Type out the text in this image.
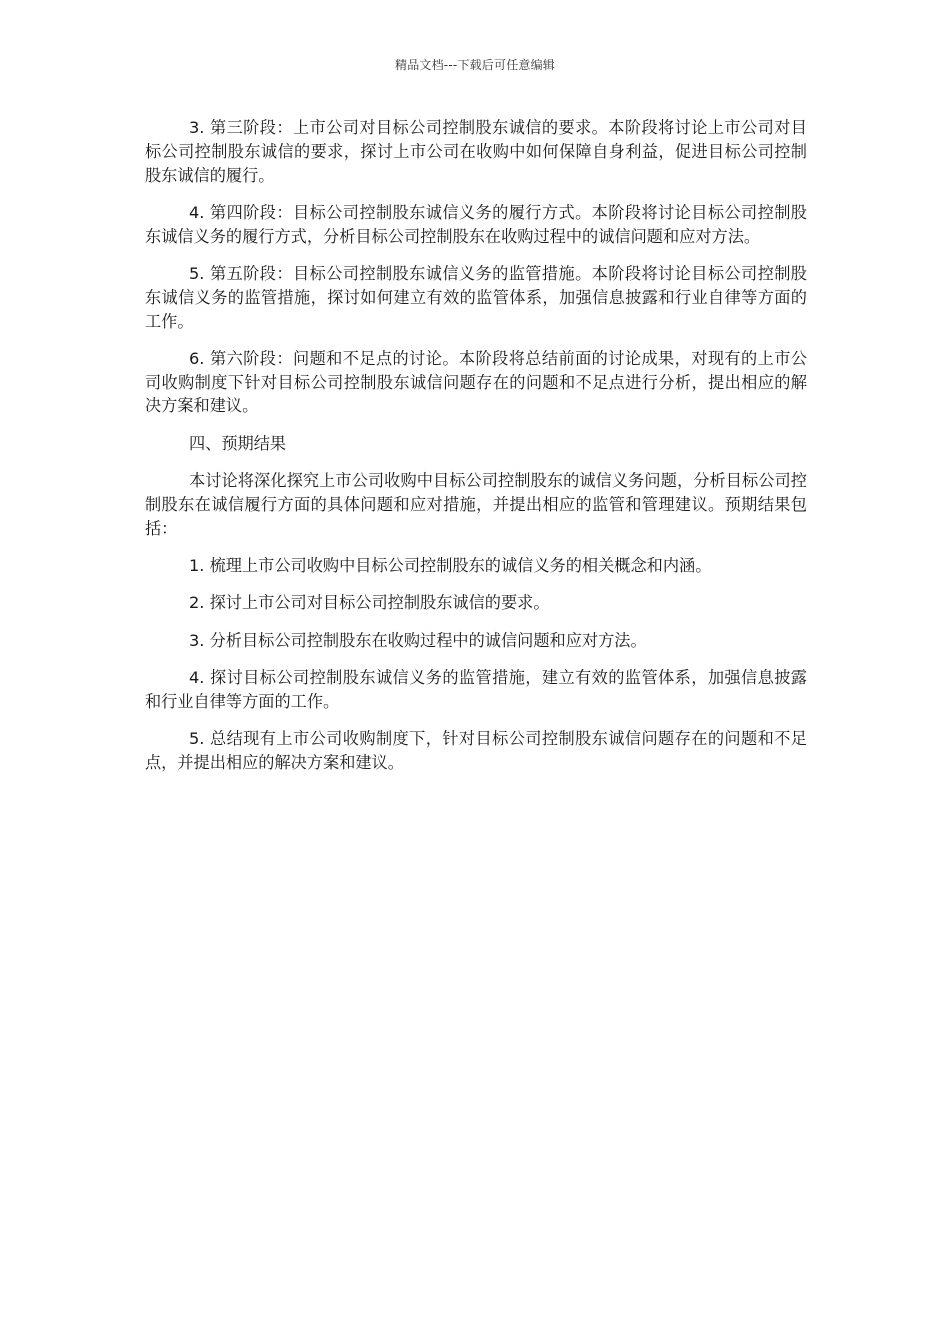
精品文档---下载后可任意编辑

3. 第三阶段：上市公司对目标公司控制股东诚信的要求。本阶段将讨论上市公司对目标公司控制股东诚信的要求，探讨上市公司在收购中如何保障自身利益，促进目标公司控制股东诚信的履行。

4. 第四阶段：目标公司控制股东诚信义务的履行方式。本阶段将讨论目标公司控制股东诚信义务的履行方式，分析目标公司控制股东在收购过程中的诚信问题和应对方法。

5. 第五阶段：目标公司控制股东诚信义务的监管措施。本阶段将讨论目标公司控制股东诚信义务的监管措施，探讨如何建立有效的监管体系，加强信息披露和行业自律等方面的工作。

6. 第六阶段：问题和不足点的讨论。本阶段将总结前面的讨论成果，对现有的上市公司收购制度下针对目标公司控制股东诚信问题存在的问题和不足点进行分析，提出相应的解决方案和建议。

四、预期结果

本讨论将深化探究上市公司收购中目标公司控制股东的诚信义务问题，分析目标公司控制股东在诚信履行方面的具体问题和应对措施，并提出相应的监管和管理建议。预期结果包括：

1. 梳理上市公司收购中目标公司控制股东的诚信义务的相关概念和内涵。

2. 探讨上市公司对目标公司控制股东诚信的要求。

3. 分析目标公司控制股东在收购过程中的诚信问题和应对方法。

4. 探讨目标公司控制股东诚信义务的监管措施，建立有效的监管体系，加强信息披露和行业自律等方面的工作。

5. 总结现有上市公司收购制度下，针对目标公司控制股东诚信问题存在的问题和不足点，并提出相应的解决方案和建议。
